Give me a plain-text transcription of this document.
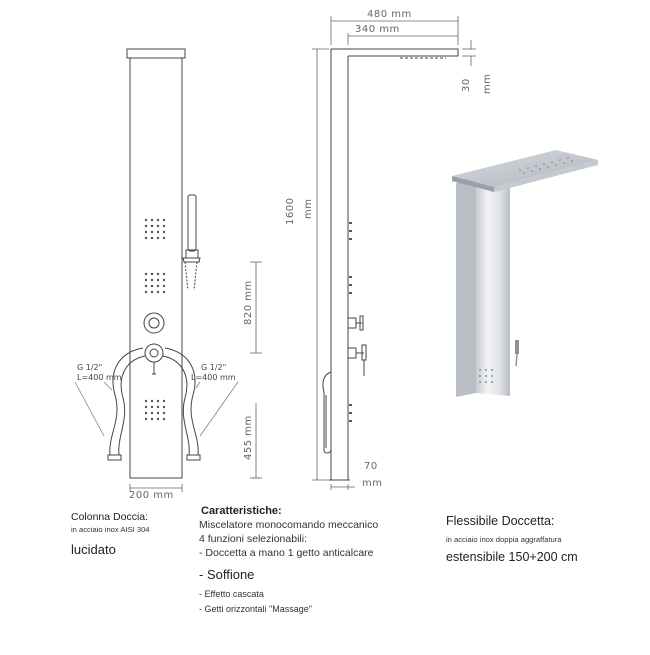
200 mm
G 1/2"
L=400 mm
G 1/2"
L=400 mm
820 mm
455 mm
480 mm
340 mm
30 mm
1600 mm
70
mm
Colonna Doccia:
in acciaio inox AISI 304
lucidato
Caratteristiche:
Miscelatore monocomando meccanico
4 funzioni selezionabili:
- Doccetta a mano 1 getto anticalcare
- Soffione
- Effetto cascata
- Getti orizzontali "Massage"
Flessibile Doccetta:
in acciaio inox doppia aggraffatura
estensibile 150+200 cm
